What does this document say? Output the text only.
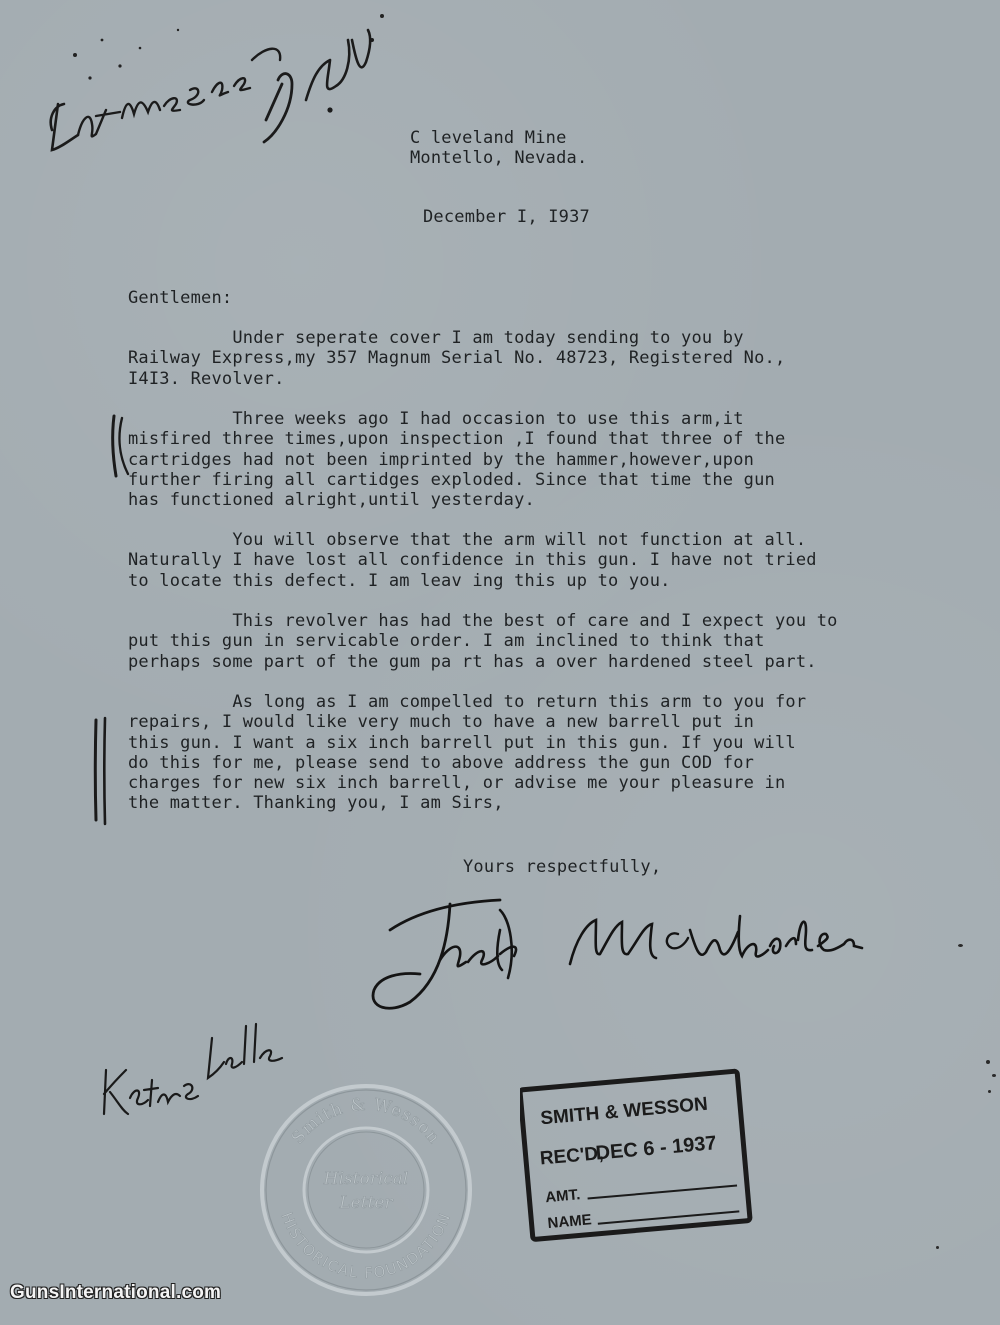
C leveland Mine
Montello, Nevada.
December I, I937
Gentlemen:
Under seperate cover I am today sending to you by
Railway Express,my 357 Magnum Serial No. 48723, Registered No.,
I4I3. Revolver.
Three weeks ago I had occasion to use this arm,it
misfired three times,upon inspection ,I found that three of the
cartridges had not been imprinted by the hammer,however,upon
further firing all cartidges exploded. Since that time the gun
has functioned alright,until yesterday.
You will observe that the arm will not function at all.
Naturally I have lost all confidence in this gun. I have not tried
to locate this defect. I am leav ing this up to you.
This revolver has had the best of care and I expect you to
put this gun in servicable order. I am inclined to think that
perhaps some part of the gum pa rt has a over hardened steel part.
As long as I am compelled to return this arm to you for
repairs, I would like very much to have a new barrell put in
this gun. I want a six inch barrell put in this gun. If you will
do this for me, please send to above address the gun COD for
charges for new six inch barrell, or advise me your pleasure in
the matter. Thanking you, I am Sirs,
Yours respectfully,
Smith & Wesson
Historical
Letter
HISTORICAL FOUNDATION
SMITH & WESSON
REC'D,
DEC 6 - 1937
AMT.
NAME
GunsInternational.com
